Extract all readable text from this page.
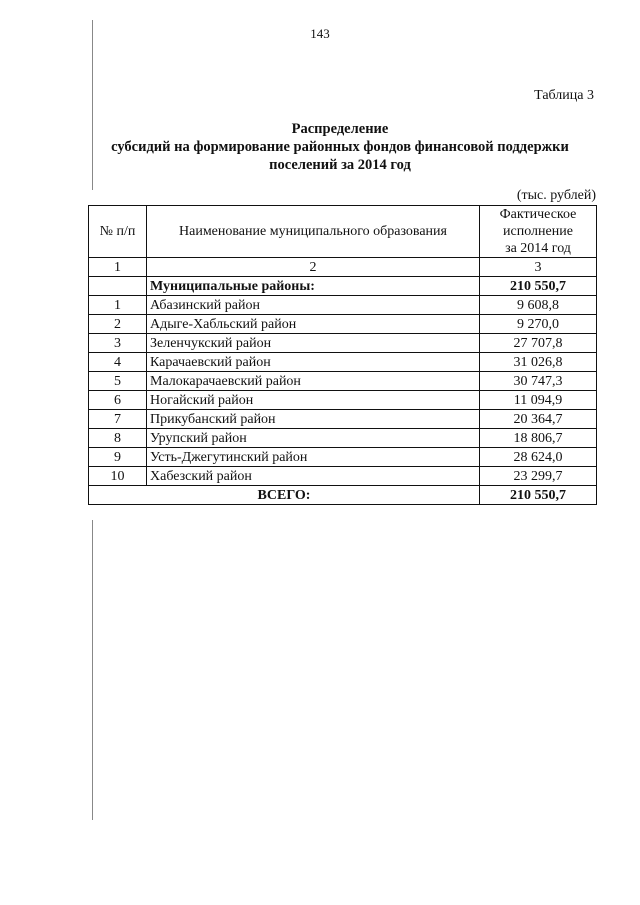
143
Таблица 3
Распределение
субсидий на формирование районных фондов финансовой поддержки
поселений за 2014 год
(тыс. рублей)
№ п/п	Наименование муниципального образования	Фактическое
исполнение
за 2014 год

1	2	3
	Муниципальные районы:	210 550,7
1	Абазинский район	9 608,8
2	Адыге-Хабльский район	9 270,0
3	Зеленчукский район	27 707,8
4	Карачаевский район	31 026,8
5	Малокарачаевский район	30 747,3
6	Ногайский район	11 094,9
7	Прикубанский район	20 364,7
8	Урупский район	18 806,7
9	Усть-Джегутинский район	28 624,0
10	Хабезский район	23 299,7
ВСЕГО:		210 550,7
